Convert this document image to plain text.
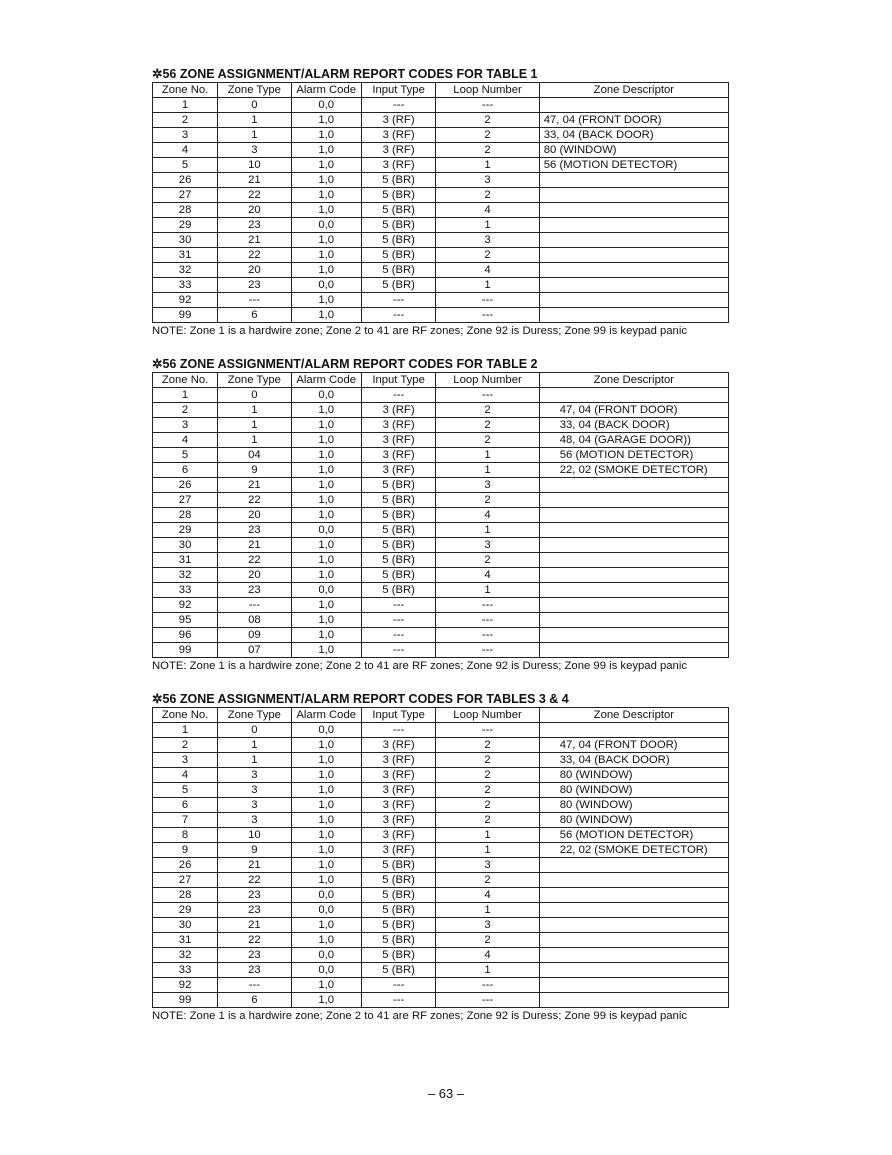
✲56 ZONE ASSIGNMENT/ALARM REPORT CODES FOR TABLE 1
Zone No.	Zone Type	Alarm Code	Input Type	Loop Number	Zone Descriptor
1	0	0,0	---	---	
2	1	1,0	3 (RF)	2	47, 04 (FRONT DOOR)
3	1	1,0	3 (RF)	2	33, 04 (BACK DOOR)
4	3	1,0	3 (RF)	2	80 (WINDOW)
5	10	1,0	3 (RF)	1	56 (MOTION DETECTOR)
26	21	1,0	5 (BR)	3	
27	22	1,0	5 (BR)	2	
28	20	1,0	5 (BR)	4	
29	23	0,0	5 (BR)	1	
30	21	1,0	5 (BR)	3	
31	22	1,0	5 (BR)	2	
32	20	1,0	5 (BR)	4	
33	23	0,0	5 (BR)	1	
92	---	1,0	---	---	
99	6	1,0	---	---	
NOTE: Zone 1 is a hardwire zone; Zone 2 to 41 are RF zones; Zone 92 is Duress; Zone 99 is keypad panic
✲56 ZONE ASSIGNMENT/ALARM REPORT CODES FOR TABLE 2
Zone No.	Zone Type	Alarm Code	Input Type	Loop Number	Zone Descriptor
1	0	0,0	---	---	
2	1	1,0	3 (RF)	2	47, 04 (FRONT DOOR)
3	1	1,0	3 (RF)	2	33, 04 (BACK DOOR)
4	1	1,0	3 (RF)	2	48, 04 (GARAGE DOOR))
5	04	1,0	3 (RF)	1	56 (MOTION DETECTOR)
6	9	1,0	3 (RF)	1	22, 02 (SMOKE DETECTOR)
26	21	1,0	5 (BR)	3	
27	22	1,0	5 (BR)	2	
28	20	1,0	5 (BR)	4	
29	23	0,0	5 (BR)	1	
30	21	1,0	5 (BR)	3	
31	22	1,0	5 (BR)	2	
32	20	1,0	5 (BR)	4	
33	23	0,0	5 (BR)	1	
92	---	1,0	---	---	
95	08	1,0	---	---	
96	09	1,0	---	---	
99	07	1,0	---	---	
NOTE: Zone 1 is a hardwire zone; Zone 2 to 41 are RF zones; Zone 92 is Duress; Zone 99 is keypad panic
✲56 ZONE ASSIGNMENT/ALARM REPORT CODES FOR TABLES 3 & 4
Zone No.	Zone Type	Alarm Code	Input Type	Loop Number	Zone Descriptor
1	0	0,0	---	---	
2	1	1,0	3 (RF)	2	47, 04 (FRONT DOOR)
3	1	1,0	3 (RF)	2	33, 04 (BACK DOOR)
4	3	1,0	3 (RF)	2	80 (WINDOW)
5	3	1,0	3 (RF)	2	80 (WINDOW)
6	3	1,0	3 (RF)	2	80 (WINDOW)
7	3	1,0	3 (RF)	2	80 (WINDOW)
8	10	1,0	3 (RF)	1	56 (MOTION DETECTOR)
9	9	1,0	3 (RF)	1	22, 02 (SMOKE DETECTOR)
26	21	1,0	5 (BR)	3	
27	22	1,0	5 (BR)	2	
28	23	0,0	5 (BR)	4	
29	23	0,0	5 (BR)	1	
30	21	1,0	5 (BR)	3	
31	22	1,0	5 (BR)	2	
32	23	0,0	5 (BR)	4	
33	23	0,0	5 (BR)	1	
92	---	1,0	---	---	
99	6	1,0	---	---	
NOTE: Zone 1 is a hardwire zone; Zone 2 to 41 are RF zones; Zone 92 is Duress; Zone 99 is keypad panic
– 63 –
